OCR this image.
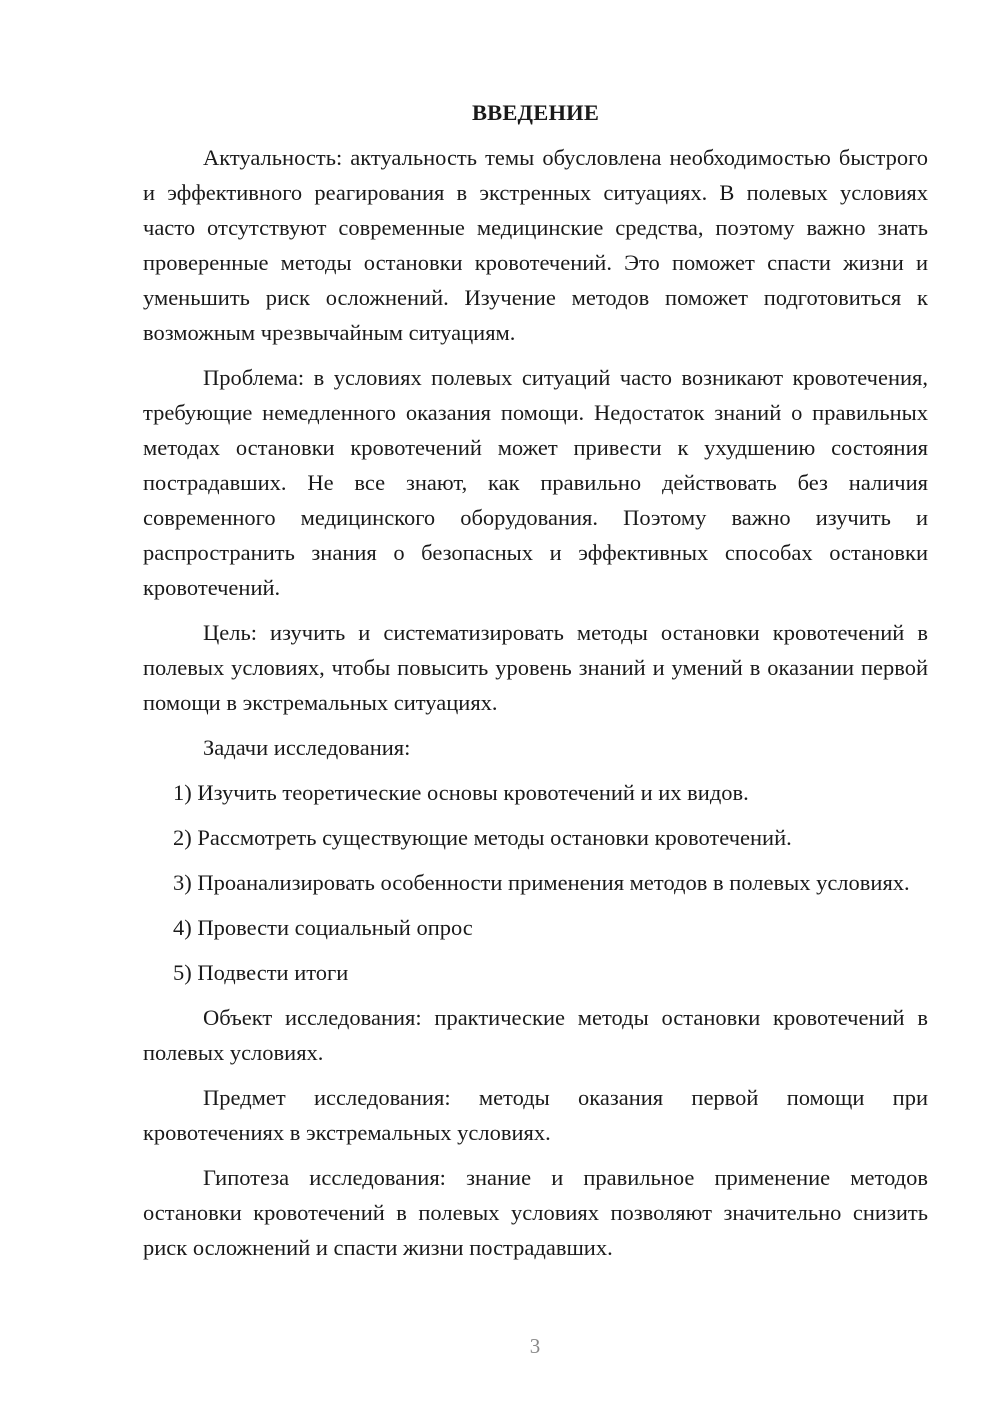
ВВЕДЕНИЕ

Актуальность: актуальность темы обусловлена необходимостью быстрого и эффективного реагирования в экстренных ситуациях. В полевых условиях часто отсутствуют современные медицинские средства, поэтому важно знать проверенные методы остановки кровотечений. Это поможет спасти жизни и уменьшить риск осложнений. Изучение методов поможет подготовиться к возможным чрезвычайным ситуациям.

Проблема: в условиях полевых ситуаций часто возникают кровотечения, требующие немедленного оказания помощи. Недостаток знаний о правильных методах остановки кровотечений может привести к ухудшению состояния пострадавших. Не все знают, как правильно действовать без наличия современного медицинского оборудования. Поэтому важно изучить и распространить знания о безопасных и эффективных способах остановки кровотечений.

Цель: изучить и систематизировать методы остановки кровотечений в полевых условиях, чтобы повысить уровень знаний и умений в оказании первой помощи в экстремальных ситуациях.

Задачи исследования:

1) Изучить теоретические основы кровотечений и их видов.

2) Рассмотреть существующие методы остановки кровотечений.

3) Проанализировать особенности применения методов в полевых условиях.

4) Провести социальный опрос

5) Подвести итоги

Объект исследования: практические методы остановки кровотечений в полевых условиях.

Предмет исследования: методы оказания первой помощи при кровотечениях в экстремальных условиях.

Гипотеза исследования: знание и правильное применение методов остановки кровотечений в полевых условиях позволяют значительно снизить риск осложнений и спасти жизни пострадавших.

3
